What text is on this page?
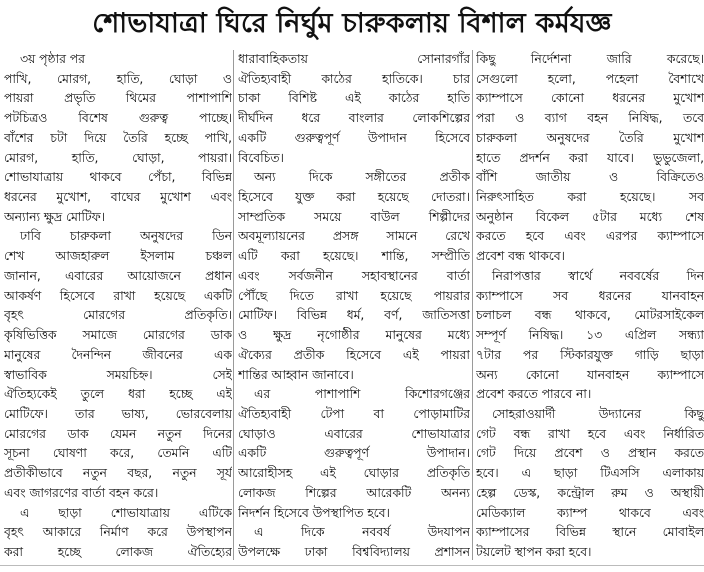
শোভাযাত্রা ঘিরে নির্ঘুম চারুকলায় বিশাল কর্মযজ্ঞ
৩য় পৃষ্ঠার পর
পাখি, মোরগ, হাতি, ঘোড়া ও
পায়রা প্রভৃতি থিমের পাশাপাশি
পটচিত্রও বিশেষ গুরুত্ব পাচ্ছে।
বাঁশের চটা দিয়ে তৈরি হচ্ছে পাখি,
মোরগ, হাতি, ঘোড়া, পায়রা।
শোভাযাত্রায় থাকবে পেঁচা, বিভিন্ন
ধরনের মুখোশ, বাঘের মুখোশ এবং
অন্যান্য ক্ষুদ্র মোটিফ।
ঢাবি চারুকলা অনুষদের ডিন
শেখ আজহারুল ইসলাম চঞ্চল
জানান, এবারের আয়োজনে প্রধান
আকর্ষণ হিসেবে রাখা হয়েছে একটি
বৃহৎ মোরগের প্রতিকৃতি।
কৃষিভিত্তিক সমাজে মোরগের ডাক
মানুষের দৈনন্দিন জীবনের এক
স্বাভাবিক সময়চিহ্ন। সেই
ঐতিহ্যকেই তুলে ধরা হচ্ছে এই
মোটিফে। তার ভাষ্য, ভোরবেলায়
মোরগের ডাক যেমন নতুন দিনের
সূচনা ঘোষণা করে, তেমনি এটি
প্রতীকীভাবে নতুন বছর, নতুন সূর্য
এবং জাগরণের বার্তা বহন করে।
এ ছাড়া শোভাযাত্রায় এটিকে
বৃহৎ আকারে নির্মাণ করে উপস্থাপন
করা হচ্ছে লোকজ ঐতিহ্যের
ধারাবাহিকতায় সোনারগাঁর
ঐতিহ্যবাহী কাঠের হাতিকে। চার
চাকা বিশিষ্ট এই কাঠের হাতি
দীর্ঘদিন ধরে বাংলার লোকশিল্পের
একটি গুরুত্বপূর্ণ উপাদান হিসেবে
বিবেচিত।
অন্য দিকে সঙ্গীতের প্রতীক
হিসেবে যুক্ত করা হয়েছে দোতরা।
সাম্প্রতিক সময়ে বাউল শিল্পীদের
অবমূল্যায়নের প্রসঙ্গ সামনে রেখে
এটি করা হয়েছে। শান্তি, সম্প্রীতি
এবং সর্বজনীন সহাবস্থানের বার্তা
পৌঁছে দিতে রাখা হয়েছে পায়রার
মোটিফ। বিভিন্ন ধর্ম, বর্ণ, জাতিসত্তা
ও ক্ষুদ্র নৃগোষ্ঠীর মানুষের মধ্যে
ঐক্যের প্রতীক হিসেবে এই পায়রা
শান্তির আহ্বান জানাবে।
এর পাশাপাশি কিশোরগঞ্জের
ঐতিহ্যবাহী টেপা বা পোড়ামাটির
ঘোড়াও এবারের শোভাযাত্রার
একটি গুরুত্বপূর্ণ উপাদান।
আরোহীসহ এই ঘোড়ার প্রতিকৃতি
লোকজ শিল্পের আরেকটি অনন্য
নিদর্শন হিসেবে উপস্থাপিত হবে।
এ দিকে নববর্ষ উদযাপন
উপলক্ষে ঢাকা বিশ্ববিদ্যালয় প্রশাসন
কিছু নির্দেশনা জারি করেছে।
সেগুলো হলো, পহেলা বৈশাখে
ক্যাম্পাসে কোনো ধরনের মুখোশ
পরা ও ব্যাগ বহন নিষিদ্ধ, তবে
চারুকলা অনুষদের তৈরি মুখোশ
হাতে প্রদর্শন করা যাবে। ভুভুজেলা,
বাঁশি জাতীয় ও বিক্রিতেও
নিরুৎসাহিত করা হয়েছে। সব
অনুষ্ঠান বিকেল ৫টার মধ্যে শেষ
করতে হবে এবং এরপর ক্যাম্পাসে
প্রবেশ বন্ধ থাকবে।
নিরাপত্তার স্বার্থে নববর্ষের দিন
ক্যাম্পাসে সব ধরনের যানবাহন
চলাচল বন্ধ থাকবে, মোটরসাইকেল
সম্পূর্ণ নিষিদ্ধ। ১৩ এপ্রিল সন্ধ্যা
৭টার পর স্টিকারযুক্ত গাড়ি ছাড়া
অন্য কোনো যানবাহন ক্যাম্পাসে
প্রবেশ করতে পারবে না।
সোহরাওয়ার্দী উদ্যানের কিছু
গেট বন্ধ রাখা হবে এবং নির্ধারিত
গেট দিয়ে প্রবেশ ও প্রস্থান করতে
হবে। এ ছাড়া টিএসসি এলাকায়
হেল্প ডেস্ক, কন্ট্রোল রুম ও অস্থায়ী
মেডিক্যাল ক্যাম্প থাকবে এবং
ক্যাম্পাসের বিভিন্ন স্থানে মোবাইল
টয়লেট স্থাপন করা হবে।
